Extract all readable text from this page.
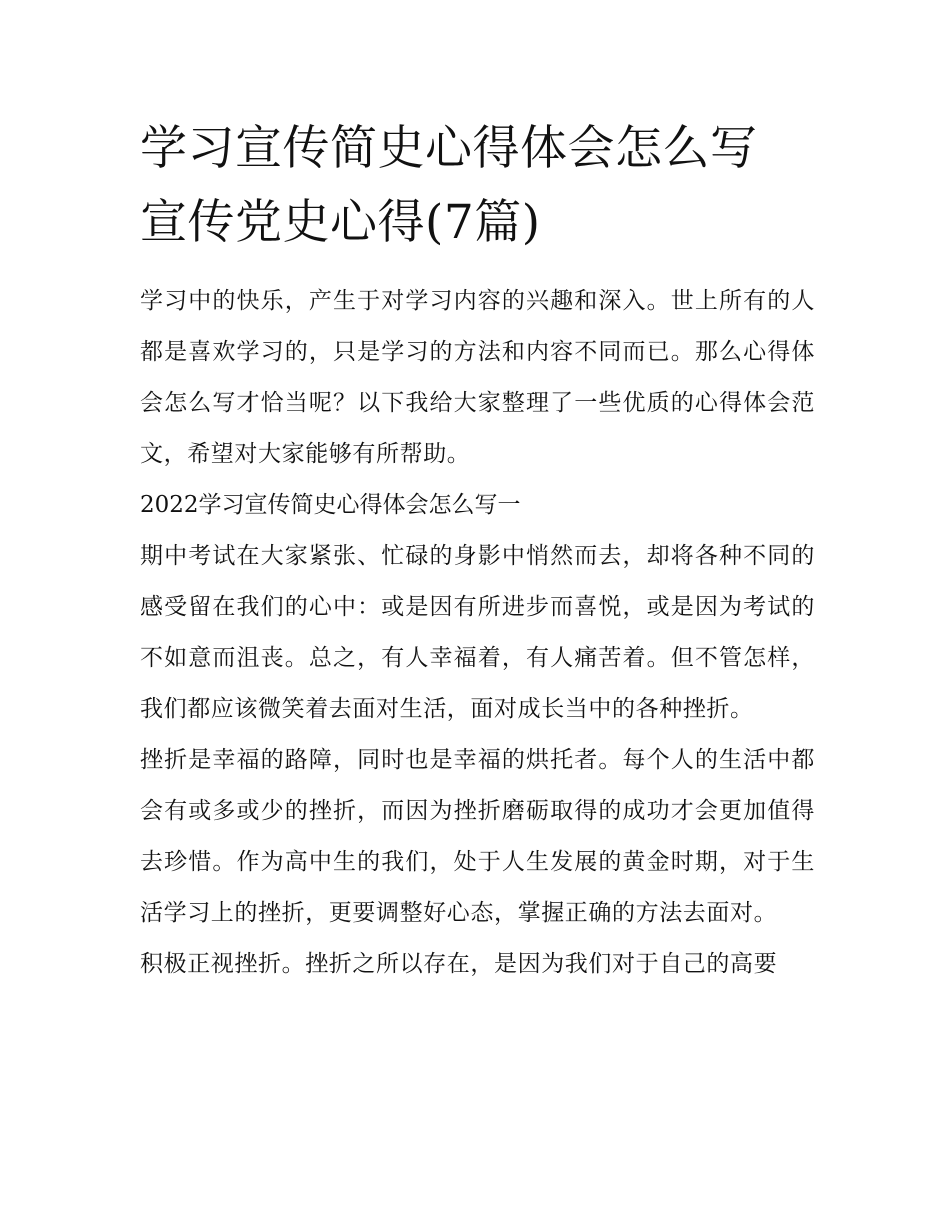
学习宣传简史心得体会怎么写
宣传党史心得(7篇)

学习中的快乐，产生于对学习内容的兴趣和深入。世上所有的人都是喜欢学习的，只是学习的方法和内容不同而已。那么心得体会怎么写才恰当呢？以下我给大家整理了一些优质的心得体会范文，希望对大家能够有所帮助。

2022学习宣传简史心得体会怎么写一

期中考试在大家紧张、忙碌的身影中悄然而去，却将各种不同的感受留在我们的心中：或是因有所进步而喜悦，或是因为考试的不如意而沮丧。总之，有人幸福着，有人痛苦着。但不管怎样，我们都应该微笑着去面对生活，面对成长当中的各种挫折。

挫折是幸福的路障，同时也是幸福的烘托者。每个人的生活中都会有或多或少的挫折，而因为挫折磨砺取得的成功才会更加值得去珍惜。作为高中生的我们，处于人生发展的黄金时期，对于生活学习上的挫折，更要调整好心态，掌握正确的方法去面对。

积极正视挫折。挫折之所以存在，是因为我们对于自己的高要
